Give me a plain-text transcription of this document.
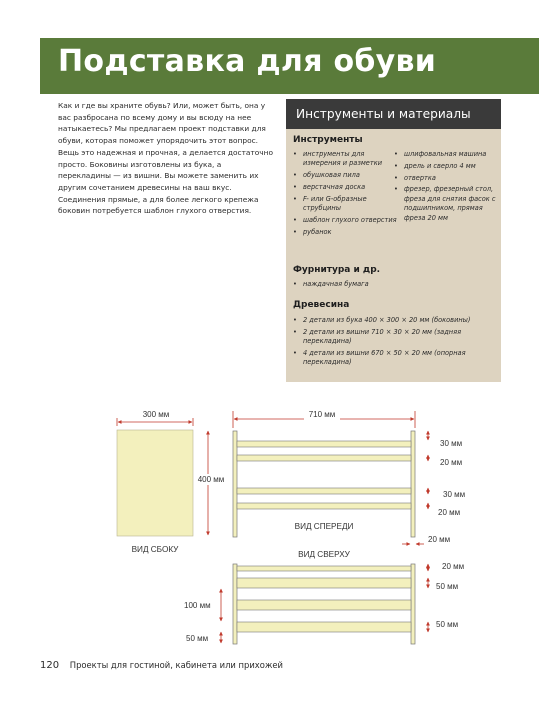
Подставка для обуви
Как и где вы храните обувь? Или, может быть, она у вас разбросана по всему дому и вы всюду на нее натыкаетесь? Мы предлагаем проект подставки для обуви, которая поможет упорядочить этот вопрос. Вещь это надежная и прочная, а делается достаточно просто. Боковины изготовлены из бука, а перекладины — из вишни. Вы можете заменить их другим сочетанием древесины на ваш вкус. Соединения прямые, а для более легкого крепежа боковин потребуется шаблон глухого отверстия.
Инструменты и материалы
Инструменты
• инструменты для измерения и разметки
• обушковая пила
• верстачная доска
• F- или G-образные струбцины
• шаблон глухого отверстия
• рубанок
• шлифовальная машина
• дрель и сверло 4 мм
• отвертка
• фрезер, фрезерный стол, фреза для снятия фасок с подшипником, прямая фреза 20 мм
Фурнитура и др.
• наждачная бумага
Древесина
• 2 детали из бука 400 × 300 × 20 мм (боковины)
• 2 детали из вишни 710 × 30 × 20 мм (задняя перекладина)
• 4 детали из вишни 670 × 50 × 20 мм (опорная перекладина)
300 мм
400 мм
ВИД СБОКУ
710 мм
30 мм
20 мм
30 мм
20 мм
ВИД СПЕРЕДИ
20 мм
ВИД СВЕРХУ
20 мм
50 мм
50 мм
100 мм
50 мм
120 Проекты для гостиной, кабинета или прихожей
